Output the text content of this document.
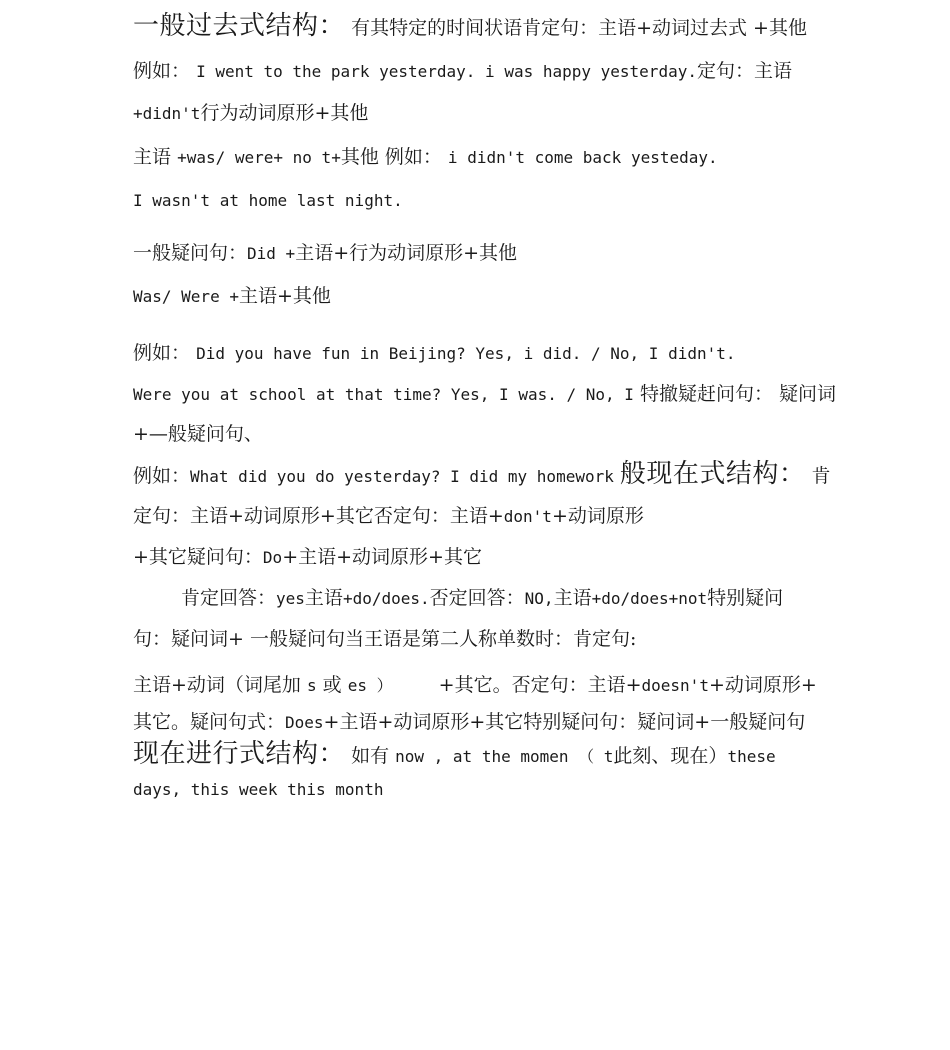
一般过去式结构： 有其特定的时间状语肯定句：主语+动词过去式 +其他
例如： I went to the park yesterday. i was happy yesterday.定句：主语
+didn't行为动词原形+其他
主语 +was/ were+ no t+其他 例如： i didn't come back yesteday.
I wasn't at home last night.
一般疑问句：Did +主语+行为动词原形+其他
Was/ Were +主语+其他
例如： Did you have fun in Beijing? Yes, i did. / No, I didn't.
Were you at school at that time? Yes, I was. / No, I 特撤疑赶问句： 疑问词
+—般疑问句、
例如：What did you do yesterday? I did my homework 般现在式结构： 肯
定句：主语+动词原形+其它否定句：主语+don't+动词原形
+其它疑问句：Do+主语+动词原形+其它
肯定回答：yes主语+do/does.否定回答：NO,主语+do/does+not特别疑问
句：疑问词+ 一般疑问句当王语是第二人称单数时：肯定句:
主语+动词（词尾加 s 或 es ） +其它。否定句：主语+doesn't+动词原形+
其它。疑问句式：Does+主语+动词原形+其它特别疑问句：疑问词+一般疑问句
现在进行式结构： 如有 now , at the momen （ t此刻、现在）these
days, this week this month
